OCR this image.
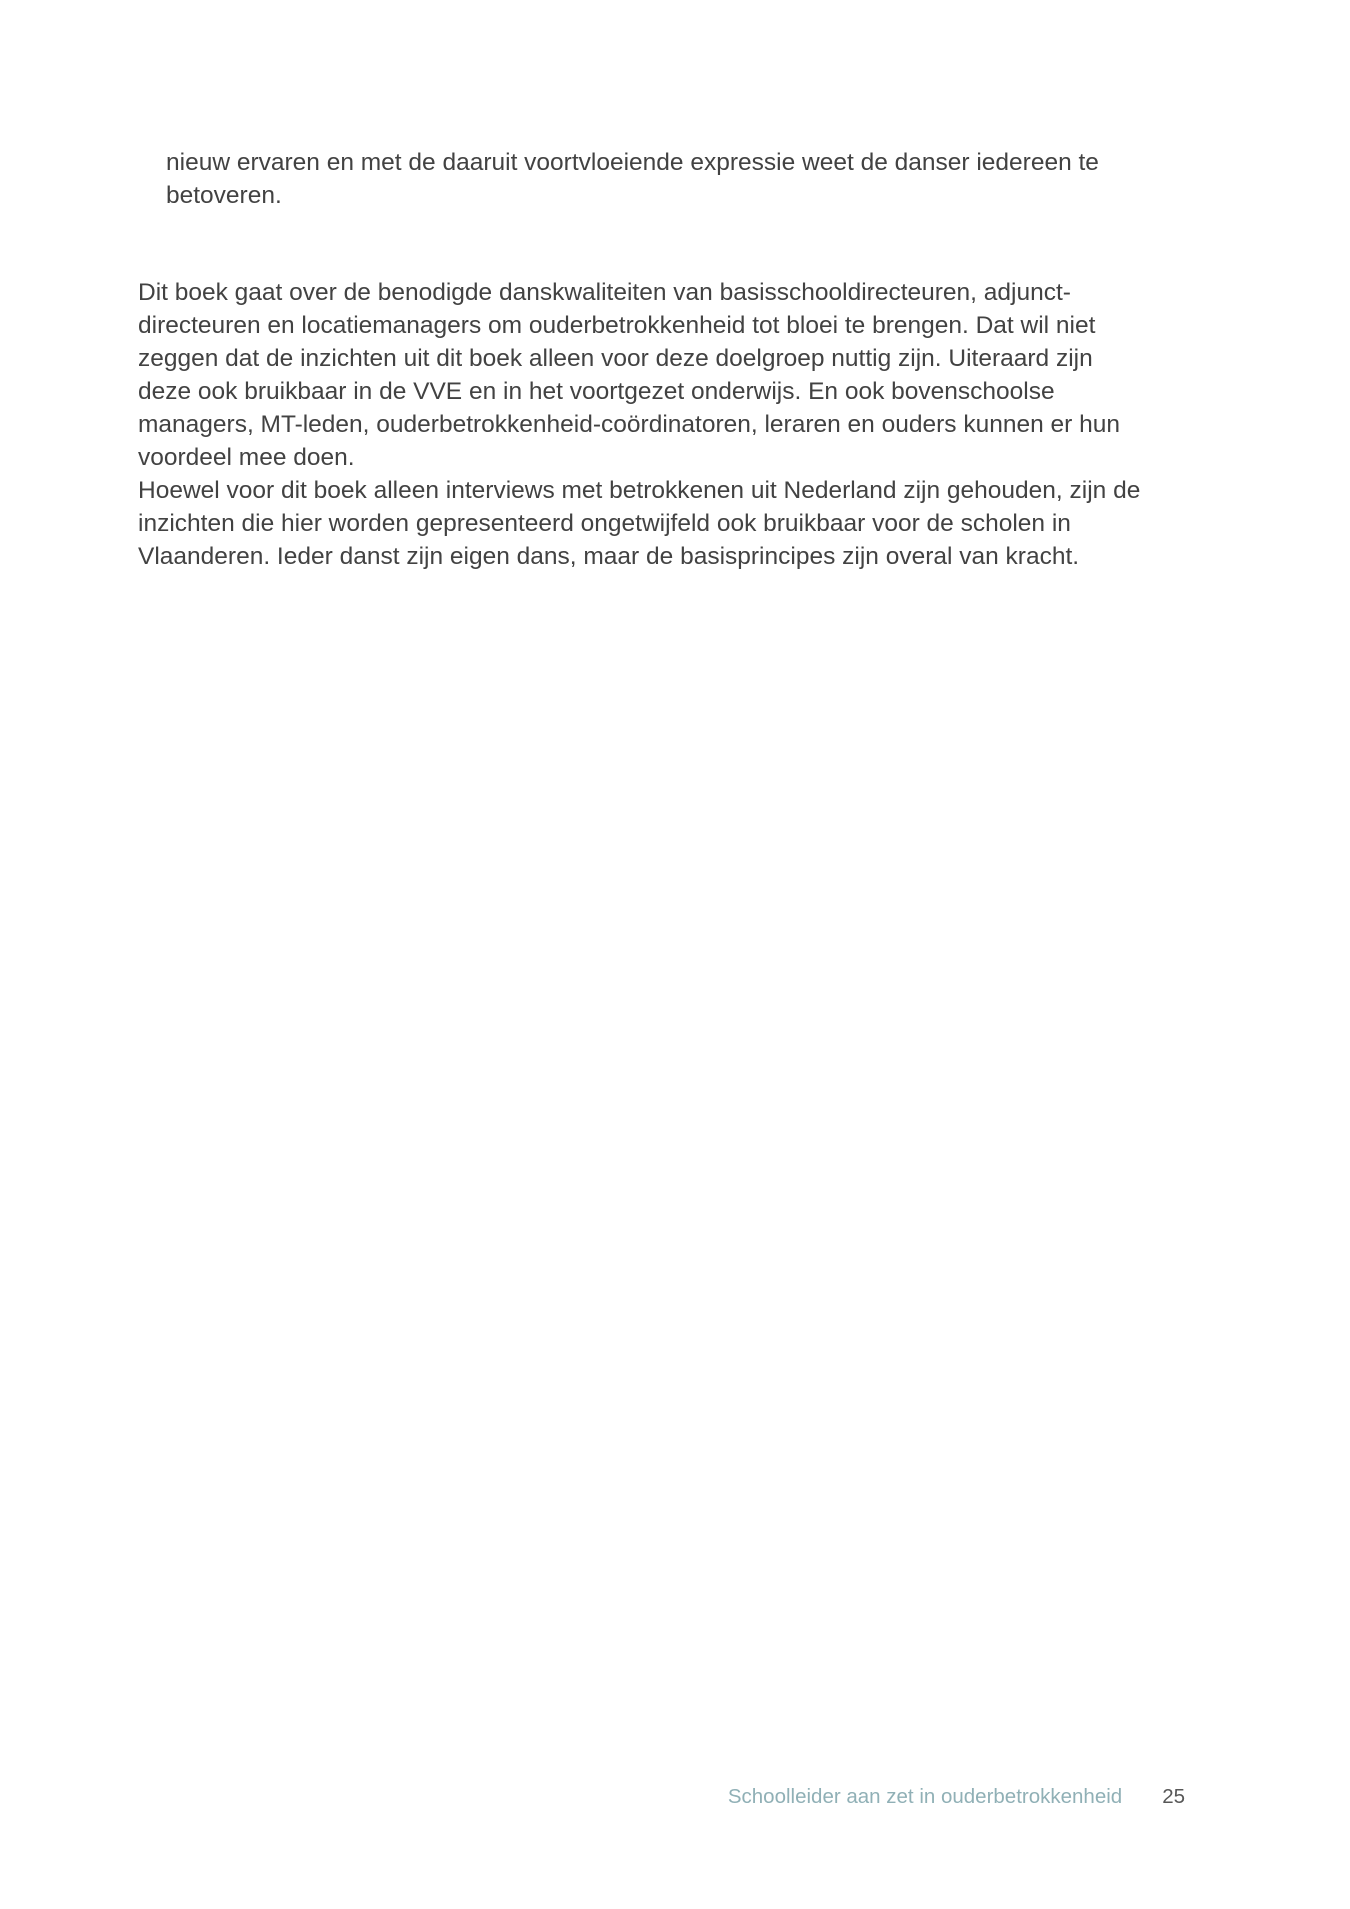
nieuw ervaren en met de daaruit voortvloeiende expressie weet de danser iedereen te betoveren.

Dit boek gaat over de benodigde danskwaliteiten van basisschooldirecteuren, adjunct-directeuren en locatiemanagers om ouderbetrokkenheid tot bloei te brengen. Dat wil niet zeggen dat de inzichten uit dit boek alleen voor deze doelgroep nuttig zijn. Uiteraard zijn deze ook bruikbaar in de VVE en in het voortgezet onderwijs. En ook bovenschoolse managers, MT-leden, ouderbetrokkenheid-coördinatoren, leraren en ouders kunnen er hun voordeel mee doen.

Hoewel voor dit boek alleen interviews met betrokkenen uit Nederland zijn gehouden, zijn de inzichten die hier worden gepresenteerd ongetwijfeld ook bruikbaar voor de scholen in Vlaanderen. Ieder danst zijn eigen dans, maar de basisprincipes zijn overal van kracht.

Schoolleider aan zet in ouderbetrokkenheid 25
